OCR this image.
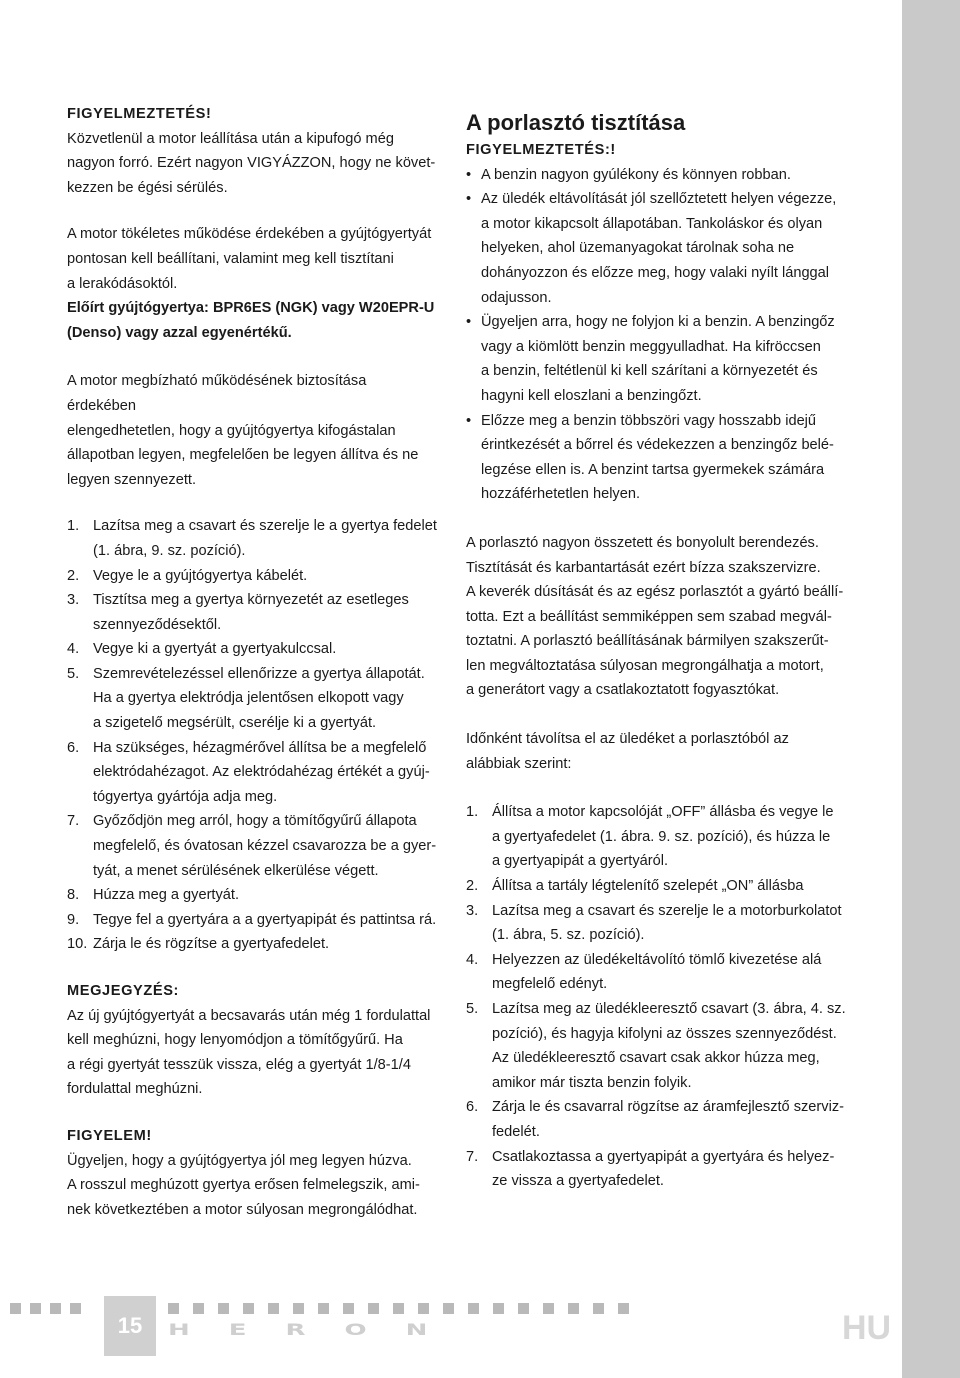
FIGYELMEZTETÉS!
Közvetlenül a motor leállítása után a kipufogó még
nagyon forró. Ezért nagyon VIGYÁZZON, hogy ne követ-
kezzen be égési sérülés.
A motor tökéletes működése érdekében a gyújtógyertyát
pontosan kell beállítani, valamint meg kell tisztítani
a lerakódásoktól.
Előírt gyújtógyertya: BPR6ES (NGK) vagy W20EPR-U
(Denso) vagy azzal egyenértékű.
A motor megbízható működésének biztosítása érdekében
elengedhetetlen, hogy a gyújtógyertya kifogástalan
állapotban legyen, megfelelően be legyen állítva és ne
legyen szennyezett.
1. Lazítsa meg a csavart és szerelje le a gyertya fedelet
(1. ábra, 9. sz. pozíció).
2. Vegye le a gyújtógyertya kábelét.
3. Tisztítsa meg a gyertya környezetét az esetleges
szennyeződésektől.
4. Vegye ki a gyertyát a gyertyakulccsal.
5. Szemrevételezéssel ellenőrizze a gyertya állapotát.
Ha a gyertya elektródja jelentősen elkopott vagy
a szigetelő megsérült, cserélje ki a gyertyát.
6. Ha szükséges, hézagmérővel állítsa be a megfelelő
elektródahézagot. Az elektródahézag értékét a gyúj-
tógyertya gyártója adja meg.
7. Győződjön meg arról, hogy a tömítőgyűrű állapota
megfelelő, és óvatosan kézzel csavarozza be a gyer-
tyát, a menet sérülésének elkerülése végett.
8. Húzza meg a gyertyát.
9. Tegye fel a gyertyára a a gyertyapipát és pattintsa rá.
10. Zárja le és rögzítse a gyertyafedelet.
MEGJEGYZÉS:
Az új gyújtógyertyát a becsavarás után még 1 fordulattal
kell meghúzni, hogy lenyomódjon a tömítőgyűrű. Ha
a régi gyertyát tesszük vissza, elég a gyertyát 1/8-1/4
fordulattal meghúzni.
FIGYELEM!
Ügyeljen, hogy a gyújtógyertya jól meg legyen húzva.
A rosszul meghúzott gyertya erősen felmelegszik, ami-
nek következtében a motor súlyosan megrongálódhat.
A porlasztó tisztítása
FIGYELMEZTETÉS:!
• A benzin nagyon gyúlékony és könnyen robban.
• Az üledék eltávolítását jól szellőztetett helyen végezze,
a motor kikapcsolt állapotában. Tankoláskor és olyan
helyeken, ahol üzemanyagokat tárolnak soha ne
dohányozzon és előzze meg, hogy valaki nyílt lánggal
odajusson.
• Ügyeljen arra, hogy ne folyjon ki a benzin. A benzingőz
vagy a kiömlött benzin meggyulladhat. Ha kifröccsen
a benzin, feltétlenül ki kell szárítani a környezetét és
hagyni kell eloszlani a benzingőzt.
• Előzze meg a benzin többszöri vagy hosszabb idejű
érintkezését a bőrrel és védekezzen a benzingőz belé-
legzése ellen is. A benzint tartsa gyermekek számára
hozzáférhetetlen helyen.
A porlasztó nagyon összetett és bonyolult berendezés.
Tisztítását és karbantartását ezért bízza szakszervizre.
A keverék dúsítását és az egész porlasztót a gyártó beállí-
totta. Ezt a beállítást semmiképpen sem szabad megvál-
toztatni. A porlasztó beállításának bármilyen szakszerűt-
len megváltoztatása súlyosan megrongálhatja a motort,
a generátort vagy a csatlakoztatott fogyasztókat.
Időnként távolítsa el az üledéket a porlasztóból az
alábbiak szerint:
1. Állítsa a motor kapcsolóját „OFF” állásba és vegye le
a gyertyafedelet (1. ábra. 9. sz. pozíció), és húzza le
a gyertyapipát a gyertyáról.
2. Állítsa a tartály légtelenítő szelepét „ON” állásba
3. Lazítsa meg a csavart és szerelje le a motorburkolatot
(1. ábra, 5. sz. pozíció).
4. Helyezzen az üledékeltávolító tömlő kivezetése alá
megfelelő edényt.
5. Lazítsa meg az üledékleeresztő csavart (3. ábra, 4. sz.
pozíció), és hagyja kifolyni az összes szennyeződést.
Az üledékleeresztő csavart csak akkor húzza meg,
amikor már tiszta benzin folyik.
6. Zárja le és csavarral rögzítse az áramfejlesztő szerviz-
fedelét.
7. Csatlakoztassa a gyertyapipát a gyertyára és helyez-
ze vissza a gyertyafedelet.
15 HERON	HU
